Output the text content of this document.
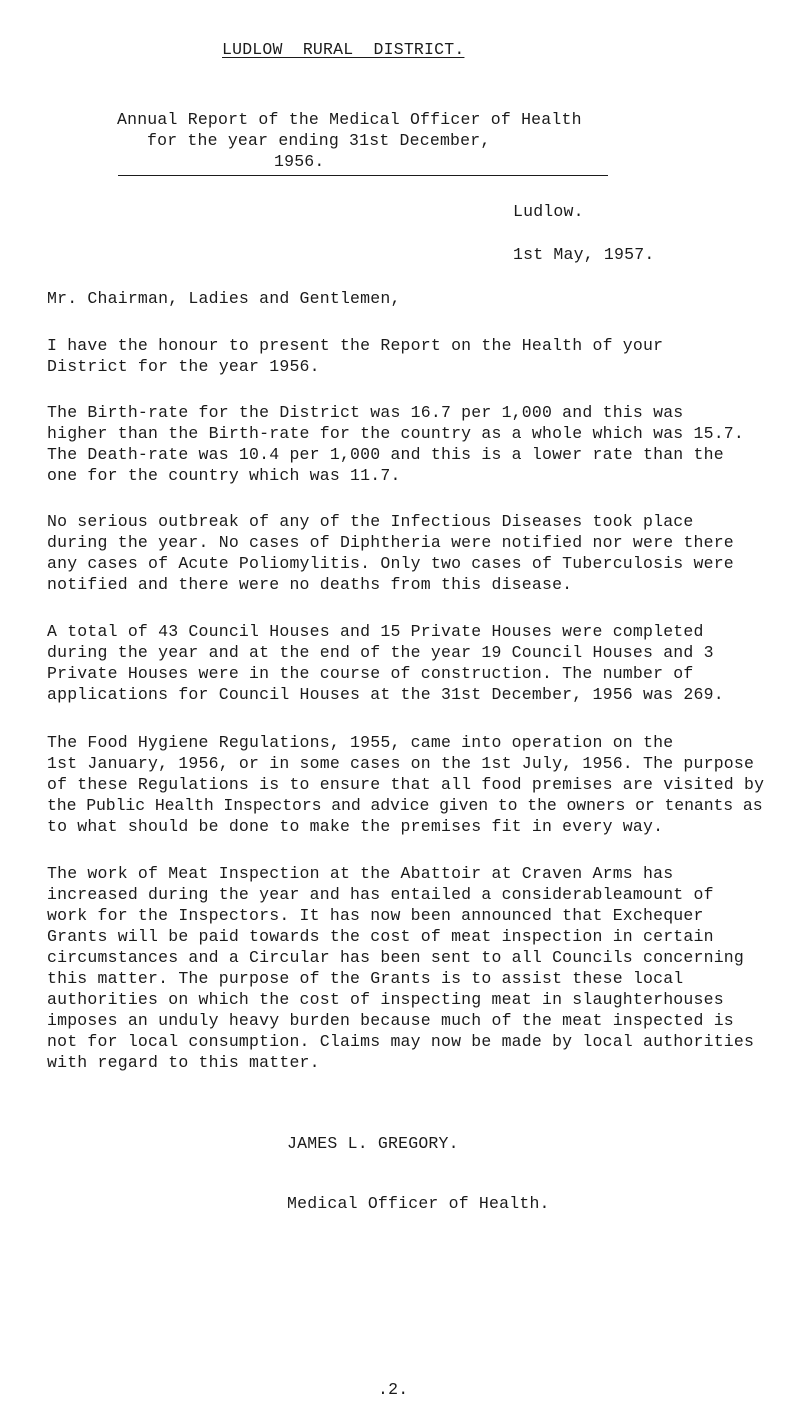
LUDLOW  RURAL  DISTRICT.
Annual Report of the Medical Officer of Health
for the year ending 31st December,
1956.
Ludlow.
1st May, 1957.
Mr. Chairman, Ladies and Gentlemen,
I have the honour to present the Report on the Health of your
District for the year 1956.
The Birth-rate for the District was 16.7 per 1,000 and this was
higher than the Birth-rate for the country as a whole which was 15.7.
The Death-rate was 10.4 per 1,000 and this is a lower rate than the
one for the country which was 11.7.
No serious outbreak of any of the Infectious Diseases took place
during the year. No cases of Diphtheria were notified nor were there
any cases of Acute Poliomylitis. Only two cases of Tuberculosis were
notified and there were no deaths from this disease.
A total of 43 Council Houses and 15 Private Houses were completed
during the year and at the end of the year 19 Council Houses and 3
Private Houses were in the course of construction. The number of
applications for Council Houses at the 31st December, 1956 was 269.
The Food Hygiene Regulations, 1955, came into operation on the
1st January, 1956, or in some cases on the 1st July, 1956. The purpose
of these Regulations is to ensure that all food premises are visited by
the Public Health Inspectors and advice given to the owners or tenants as
to what should be done to make the premises fit in every way.
The work of Meat Inspection at the Abattoir at Craven Arms has
increased during the year and has entailed a considerableamount of
work for the Inspectors. It has now been announced that Exchequer
Grants will be paid towards the cost of meat inspection in certain
circumstances and a Circular has been sent to all Councils concerning
this matter. The purpose of the Grants is to assist these local
authorities on which the cost of inspecting meat in slaughterhouses
imposes an unduly heavy burden because much of the meat inspected is
not for local consumption. Claims may now be made by local authorities
with regard to this matter.
JAMES L. GREGORY.
Medical Officer of Health.
.2.
